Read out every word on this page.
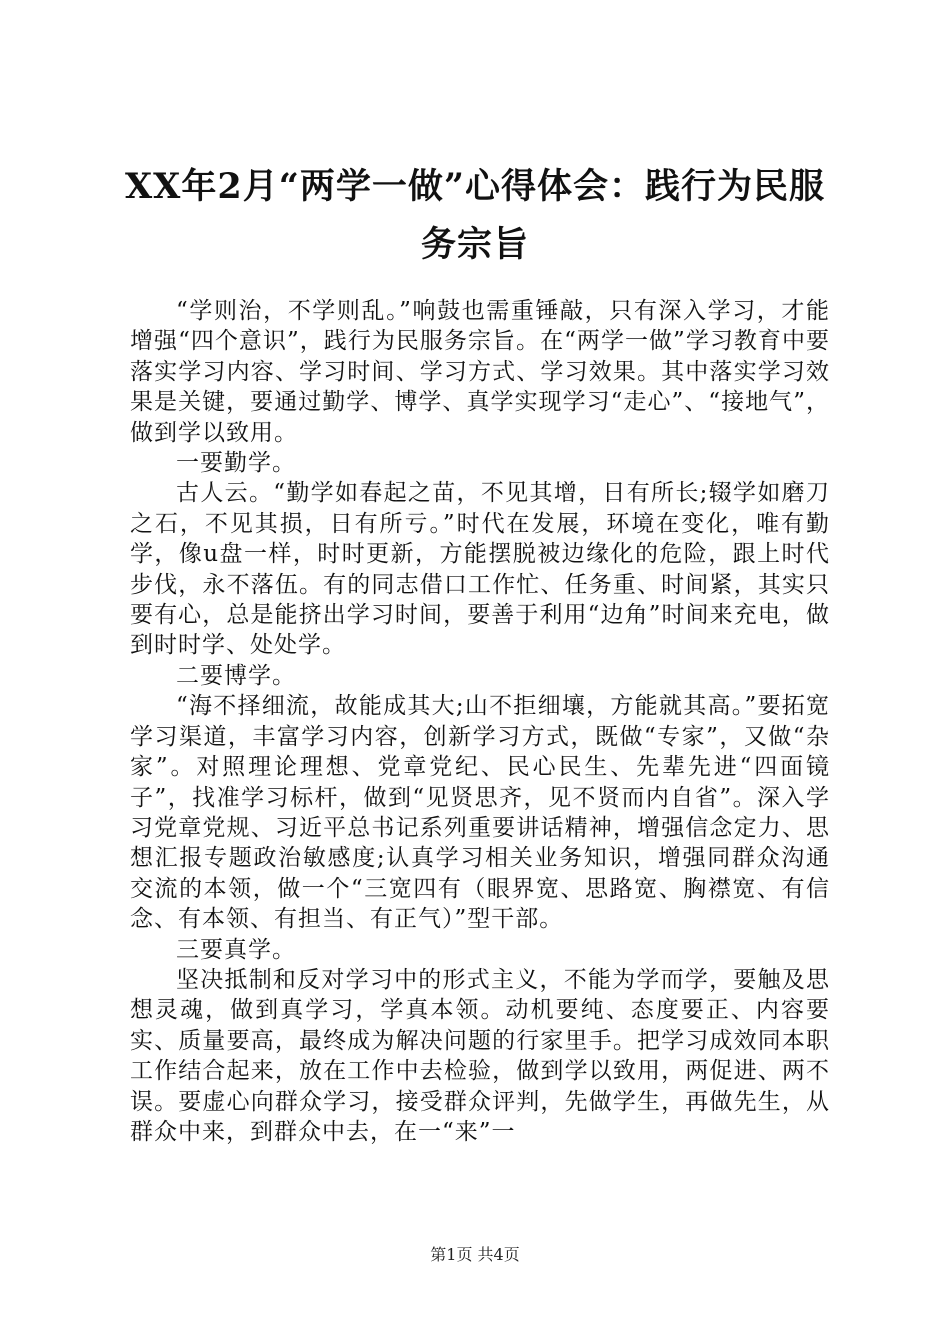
XX年2月“两学一做”心得体会：践行为民服务宗旨

“学则治，不学则乱。”响鼓也需重锤敲，只有深入学习，才能增强“四个意识”，践行为民服务宗旨。在“两学一做”学习教育中要落实学习内容、学习时间、学习方式、学习效果。其中落实学习效果是关键，要通过勤学、博学、真学实现学习“走心”、“接地气”，做到学以致用。

一要勤学。

古人云。“勤学如春起之苗，不见其增，日有所长;辍学如磨刀之石，不见其损，日有所亏。”时代在发展，环境在变化，唯有勤学，像u盘一样，时时更新，方能摆脱被边缘化的危险，跟上时代步伐，永不落伍。有的同志借口工作忙、任务重、时间紧，其实只要有心，总是能挤出学习时间，要善于利用“边角”时间来充电，做到时时学、处处学。

二要博学。

“海不择细流，故能成其大;山不拒细壤，方能就其高。”要拓宽学习渠道，丰富学习内容，创新学习方式，既做“专家”，又做“杂家”。对照理论理想、党章党纪、民心民生、先辈先进“四面镜子”，找准学习标杆，做到“见贤思齐，见不贤而内自省”。深入学习党章党规、习近平总书记系列重要讲话精神，增强信念定力、思想汇报专题政治敏感度;认真学习相关业务知识，增强同群众沟通交流的本领，做一个“三宽四有（眼界宽、思路宽、胸襟宽、有信念、有本领、有担当、有正气）”型干部。

三要真学。

坚决抵制和反对学习中的形式主义，不能为学而学，要触及思想灵魂，做到真学习，学真本领。动机要纯、态度要正、内容要实、质量要高，最终成为解决问题的行家里手。把学习成效同本职工作结合起来，放在工作中去检验，做到学以致用，两促进、两不误。要虚心向群众学习，接受群众评判，先做学生，再做先生，从群众中来，到群众中去，在一“来”一

第1页 共4页
